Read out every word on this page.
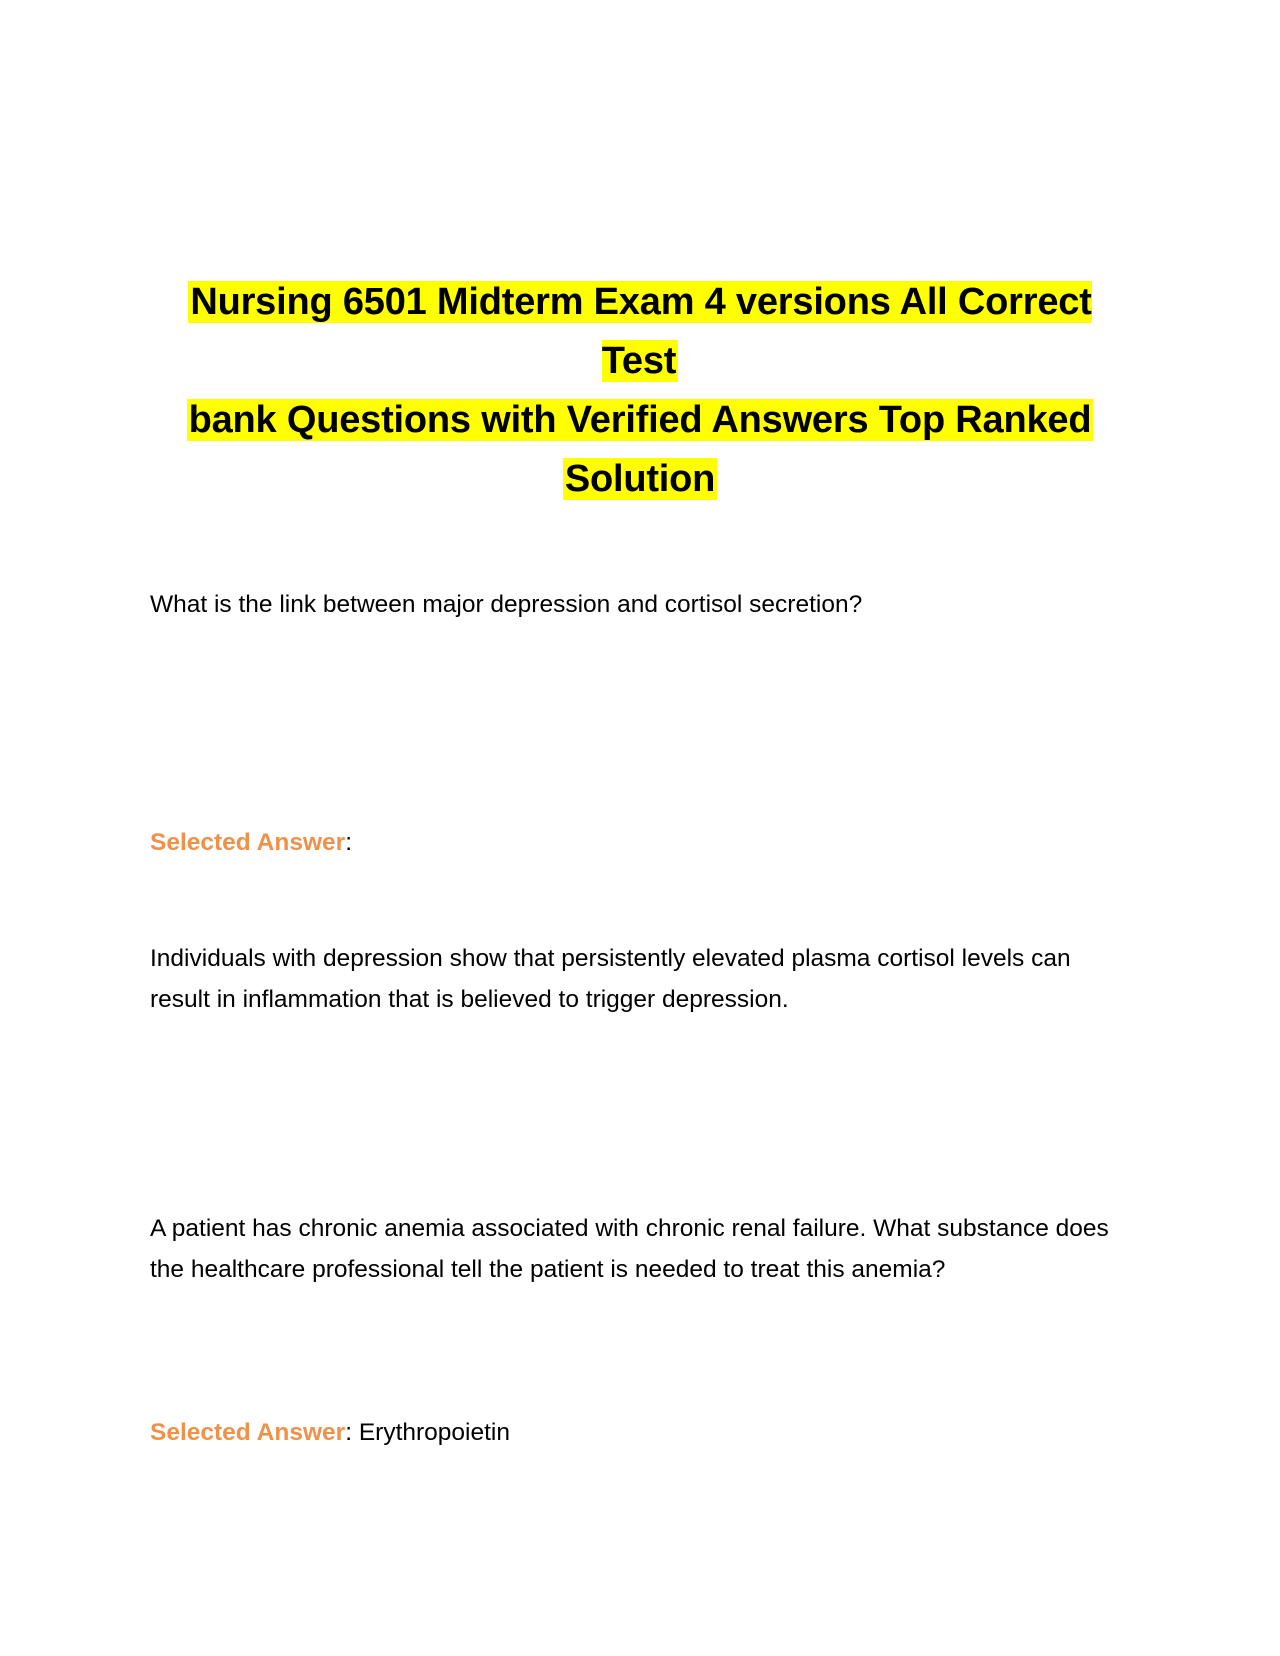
Nursing 6501 Midterm Exam 4 versions All Correct Test
bank Questions with Verified Answers Top Ranked
Solution
What is the link between major depression and cortisol secretion?
Selected Answer:
Individuals with depression show that persistently elevated plasma cortisol levels can result in inflammation that is believed to trigger depression.
A patient has chronic anemia associated with chronic renal failure. What substance does the healthcare professional tell the patient is needed to treat this anemia?
Selected Answer: Erythropoietin
